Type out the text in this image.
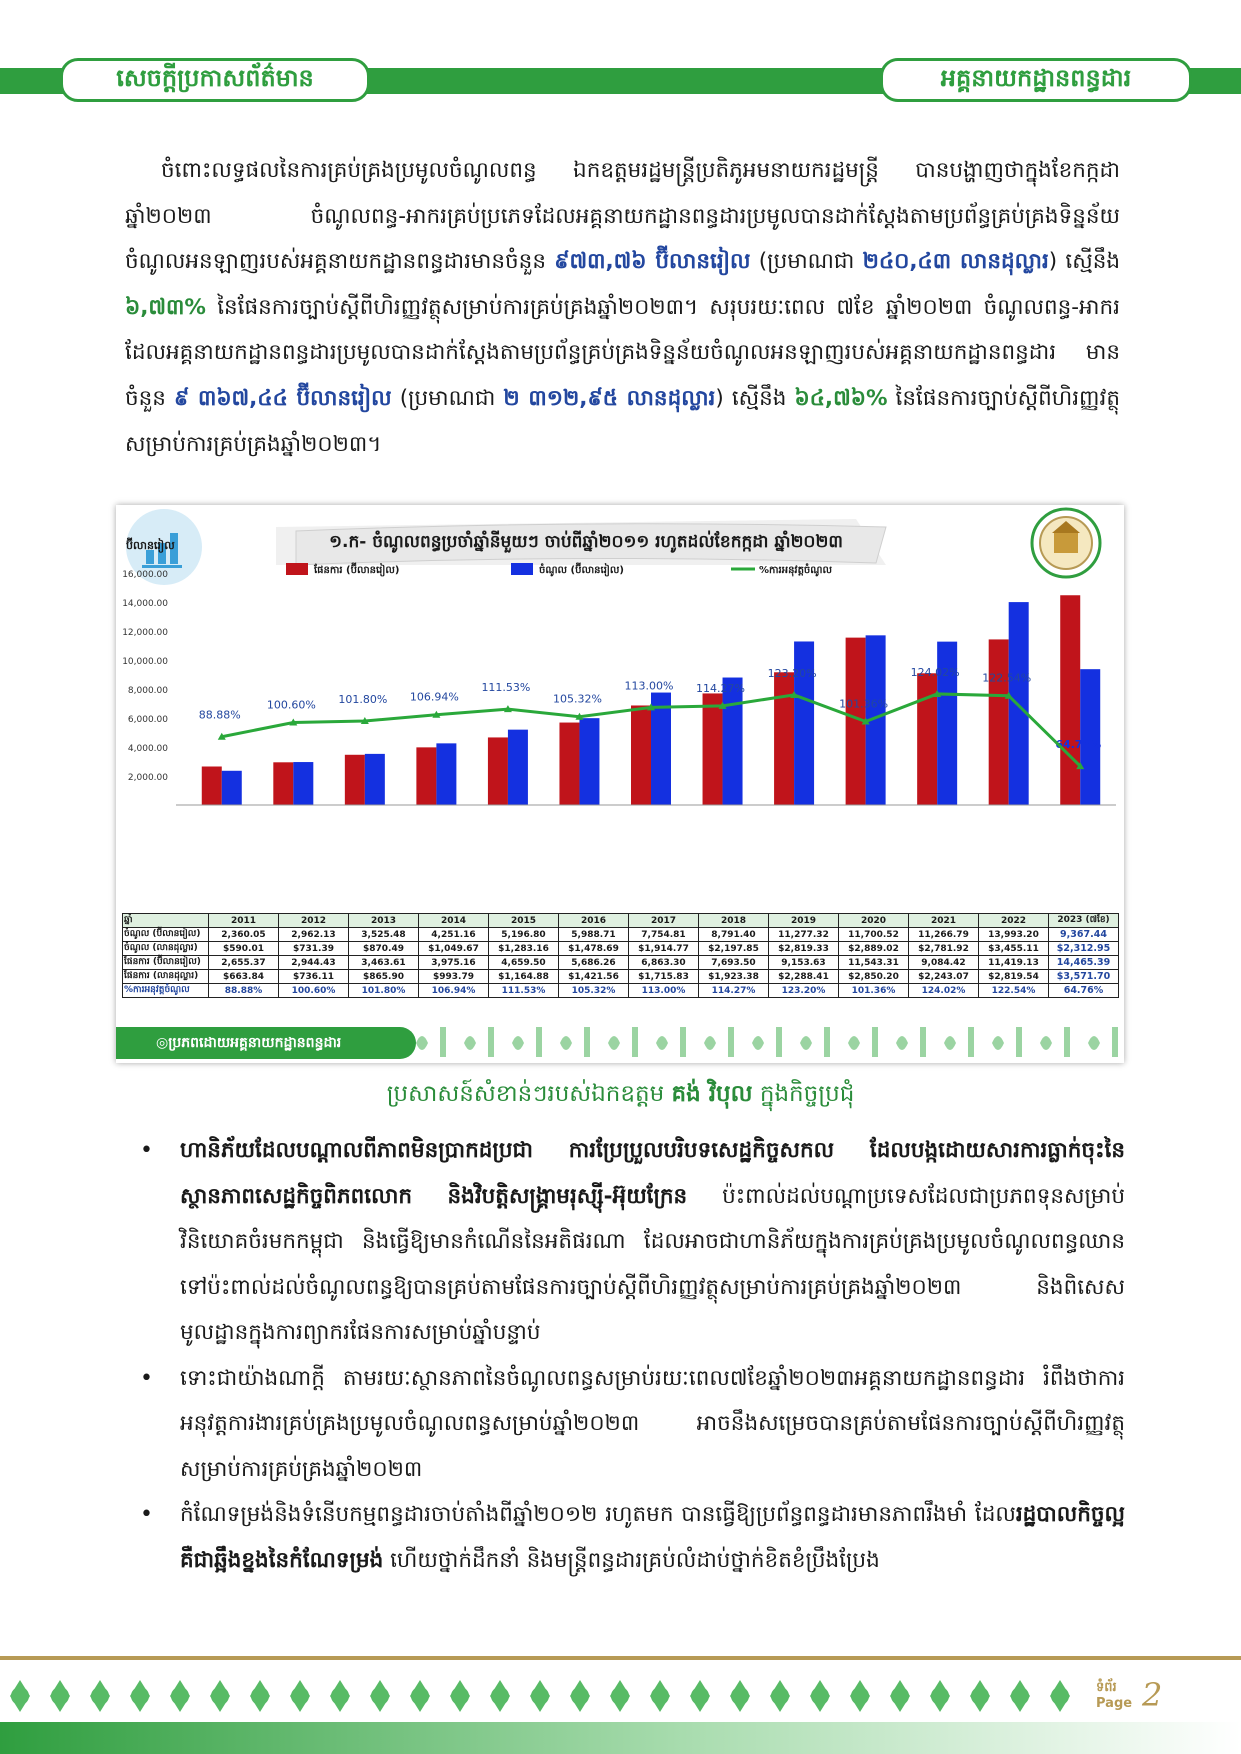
សេចក្តីប្រកាសព័ត៌មាន	អគ្គនាយកដ្ឋានពន្ធដារ
ចំពោះលទ្ធផលនៃការគ្រប់គ្រងប្រមូលចំណូលពន្ធ ឯកឧត្តមរដ្ឋមន្ត្រីប្រតិភូអមនាយករដ្ឋមន្ត្រី បានបង្ហាញថាក្នុងខែកក្កដា ឆ្នាំ២០២៣ ចំណូលពន្ធ-អាករគ្រប់ប្រភេទដែលអគ្គនាយកដ្ឋានពន្ធដារប្រមូលបានដាក់ស្តែងតាមប្រព័ន្ធគ្រប់គ្រងទិន្នន័យចំណូលអនឡាញរបស់អគ្គនាយកដ្ឋានពន្ធដារមានចំនួន ៩៧៣,៧៦ ប៊ីលានរៀល (ប្រមាណជា ២៤០,៤៣ លានដុល្លារ) ស្មើនឹង ៦,៧៣% នៃផែនការច្បាប់ស្តីពីហិរញ្ញវត្ថុសម្រាប់ការគ្រប់គ្រងឆ្នាំ២០២៣។ សរុបរយៈពេល ៧ខែ ឆ្នាំ២០២៣ ចំណូលពន្ធ-អាករ ដែលអគ្គនាយកដ្ឋានពន្ធដារប្រមូលបានដាក់ស្តែងតាមប្រព័ន្ធគ្រប់គ្រងទិន្នន័យចំណូលអនឡាញរបស់អគ្គនាយកដ្ឋានពន្ធដារ មានចំនួន ៩ ៣៦៧,៤៤ ប៊ីលានរៀល (ប្រមាណជា ២ ៣១២,៩៥ លានដុល្លារ) ស្មើនឹង ៦៤,៧៦% នៃផែនការច្បាប់ស្តីពីហិរញ្ញវត្ថុសម្រាប់ការគ្រប់គ្រងឆ្នាំ២០២៣។
ប៊ីលានរៀល
2,000.00
4,000.00
6,000.00
8,000.00
10,000.00
12,000.00
14,000.00
16,000.00
88.88%
100.60% 101.80% 106.94%
111.53%
105.32%
113.00% 114.27%
123.20%
101.36%
124.02% 122.54%
64.76%
ផែនការ (ប៊ីលានរៀល)	ចំណូល (ប៊ីលានរៀល)	%ការអនុវត្តចំណូល
១.ក- ចំណូលពន្ធប្រចាំឆ្នាំនីមួយៗ ចាប់ពីឆ្នាំ២០១១ រហូតដល់ខែកក្កដា ឆ្នាំ២០២៣
ឆ្នាំ	2011	2012	2013	2014	2015	2016	2017	2018	2019	2020	2021	2022	2023 (៧ខែ)
ចំណូល (ប៊ីលានរៀល)	2,360.05	2,962.13	3,525.48	4,251.16	5,196.80	5,988.71	7,754.81	8,791.40	11,277.32	11,700.52	11,266.79	13,993.20	9,367.44
ចំណូល (លានដុល្លារ)	$590.01	$731.39	$870.49	$1,049.67	$1,283.16	$1,478.69	$1,914.77	$2,197.85	$2,819.33	$2,889.02	$2,781.92	$3,455.11	$2,312.95
ផែនការ (ប៊ីលានរៀល)	2,655.37	2,944.43	3,463.61	3,975.16	4,659.50	5,686.26	6,863.30	7,693.50	9,153.63	11,543.31	9,084.42	11,419.13	14,465.39
ផែនការ (លានដុល្លារ)	$663.84	$736.11	$865.90	$993.79	$1,164.88	$1,421.56	$1,715.83	$1,923.38	$2,288.41	$2,850.20	$2,243.07	$2,819.54	$3,571.70
%ការអនុវត្តចំណូល	88.88%	100.60%	101.80%	106.94%	111.53%	105.32%	113.00%	114.27%	123.20%	101.36%	124.02%	122.54%	64.76%
◎ប្រភពដោយអគ្គនាយកដ្ឋានពន្ធដារ
ប្រសាសន៍សំខាន់ៗរបស់ឯកឧត្តម គង់ វិបុល ក្នុងកិច្ចប្រជុំ
• ហានិភ័យដែលបណ្តាលពីភាពមិនប្រាកដប្រជា ការប្រែប្រួលបរិបទសេដ្ឋកិច្ចសកល ដែលបង្កដោយសារការធ្លាក់ចុះនៃស្ថានភាពសេដ្ឋកិច្ចពិភពលោក និងវិបត្តិសង្គ្រាមរុស្ស៊ី-អ៊ុយក្រែន ប៉ះពាល់ដល់បណ្តាប្រទេសដែលជាប្រភពទុនសម្រាប់វិនិយោគចំរមកកម្ពុជា និងធ្វើឱ្យមានកំណើននៃអតិផរណា ដែលអាចជាហានិភ័យក្នុងការគ្រប់គ្រងប្រមូលចំណូលពន្ធឈានទៅប៉ះពាល់ដល់ចំណូលពន្ធឱ្យបានគ្រប់តាមផែនការច្បាប់ស្តីពីហិរញ្ញវត្ថុសម្រាប់ការគ្រប់គ្រងឆ្នាំ២០២៣ និងពិសេសមូលដ្ឋានក្នុងការព្យាករផែនការសម្រាប់ឆ្នាំបន្ទាប់
• ទោះជាយ៉ាងណាក្តី តាមរយៈស្ថានភាពនៃចំណូលពន្ធសម្រាប់រយៈពេល៧ខែឆ្នាំ២០២៣អគ្គនាយកដ្ឋានពន្ធដារ រំពឹងថាការអនុវត្តការងារគ្រប់គ្រងប្រមូលចំណូលពន្ធសម្រាប់ឆ្នាំ២០២៣ អាចនឹងសម្រេចបានគ្រប់តាមផែនការច្បាប់ស្តីពីហិរញ្ញវត្ថុសម្រាប់ការគ្រប់គ្រងឆ្នាំ២០២៣
• កំណែទម្រង់និងទំនើបកម្មពន្ធដារចាប់តាំងពីឆ្នាំ២០១២ រហូតមក បានធ្វើឱ្យប្រព័ន្ធពន្ធដារមានភាពរឹងមាំ ដែលរដ្ឋបាលកិច្ចល្អ គឺជាឆ្អឹងខ្នងនៃកំណែទម្រង់ ហើយថ្នាក់ដឹកនាំ និងមន្ត្រីពន្ធដារគ្រប់លំដាប់ថ្នាក់ខិតខំប្រឹងប្រែង
ទំព័រ
Page 2
